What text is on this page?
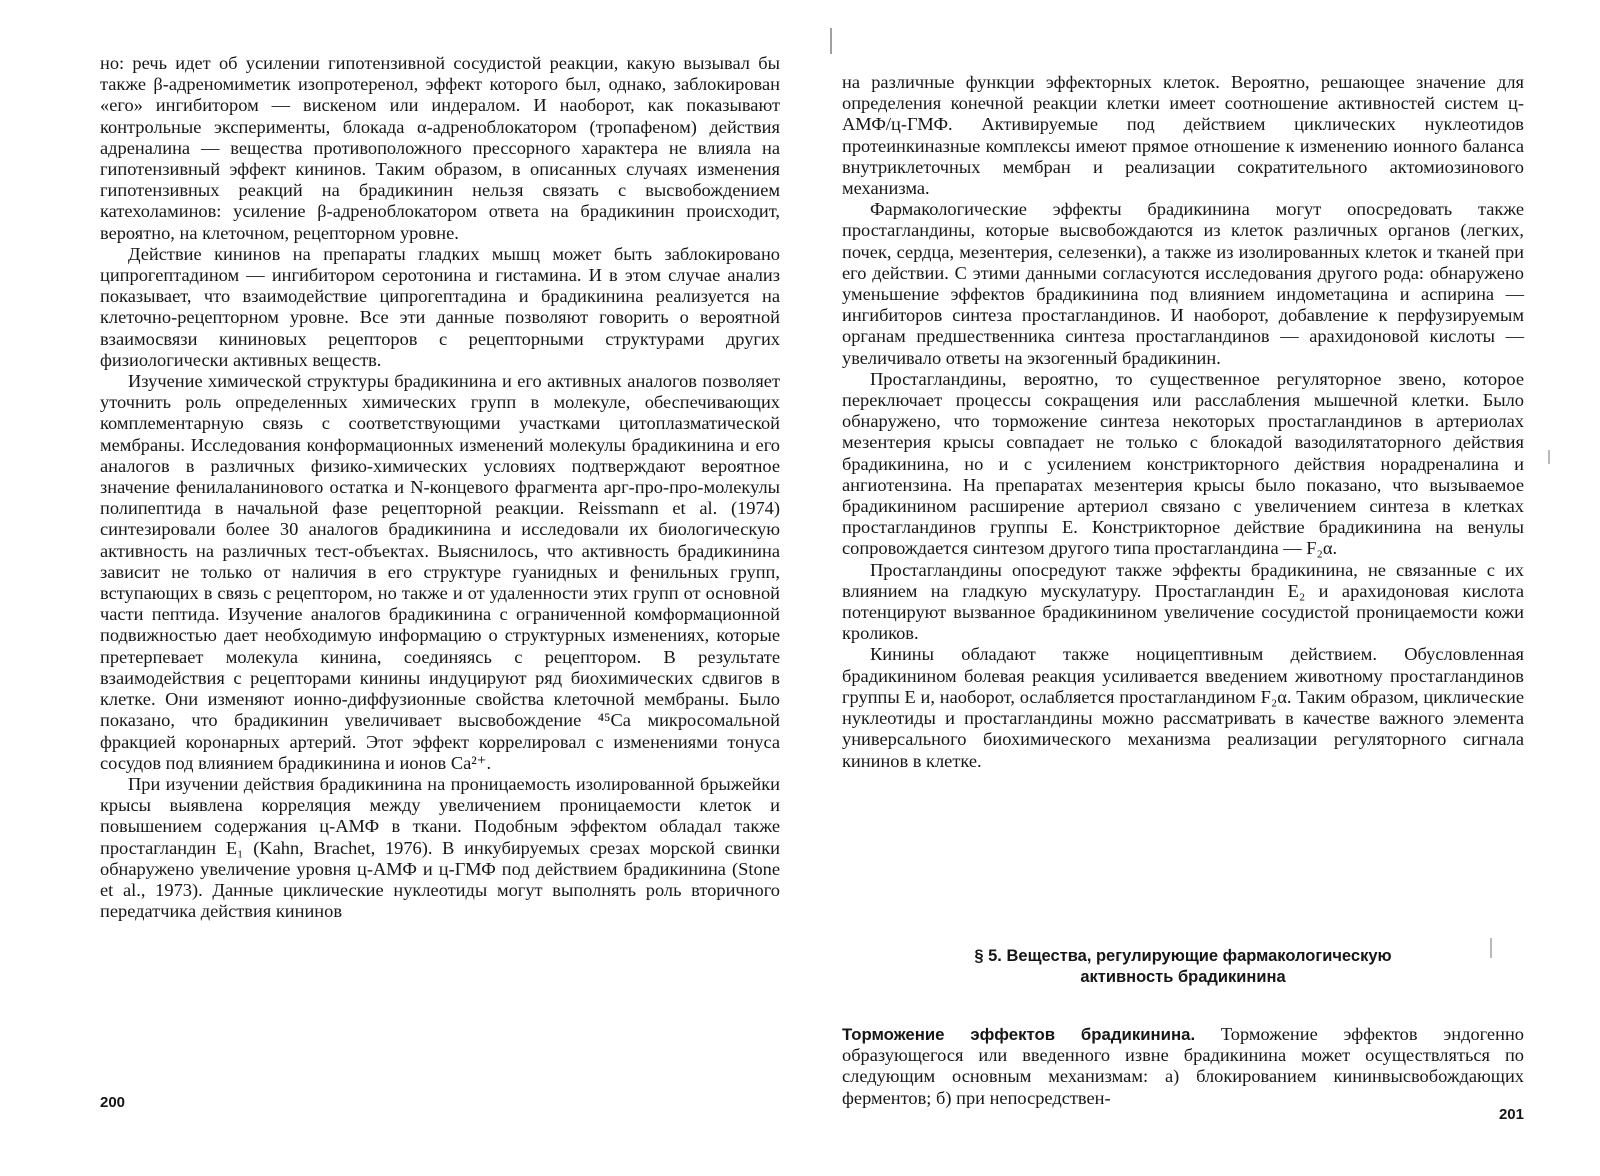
но: речь идет об усилении гипотензивной сосудистой реакции, какую вызывал бы также β-адреномиметик изопротеренол, эффект которого был, однако, заблокирован «его» ингибитором — вискеном или индералом. И наоборот, как показывают контрольные эксперименты, блокада α-адреноблокатором (тропафеном) действия адреналина — вещества противоположного прессорного характера не влияла на гипотензивный эффект кининов. Таким образом, в описанных случаях изменения гипотензивных реакций на брадикинин нельзя связать с высвобождением катехоламинов: усиление β-адреноблокатором ответа на брадикинин происходит, вероятно, на клеточном, рецепторном уровне.

Действие кининов на препараты гладких мышц может быть заблокировано ципрогептадином — ингибитором серотонина и гистамина. И в этом случае анализ показывает, что взаимодействие ципрогептадина и брадикинина реализуется на клеточно-рецепторном уровне. Все эти данные позволяют говорить о вероятной взаимосвязи кининовых рецепторов с рецепторными структурами других физиологически активных веществ.

Изучение химической структуры брадикинина и его активных аналогов позволяет уточнить роль определенных химических групп в молекуле, обеспечивающих комплементарную связь с соответствующими участками цитоплазматической мембраны. Исследования конформационных изменений молекулы брадикинина и его аналогов в различных физико-химических условиях подтверждают вероятное значение фенилаланинового остатка и N-концевого фрагмента арг-про-про-молекулы полипептида в начальной фазе рецепторной реакции. Reissmann et al. (1974) синтезировали более 30 аналогов брадикинина и исследовали их биологическую активность на различных тест-объектах. Выяснилось, что активность брадикинина зависит не только от наличия в его структуре гуанидных и фенильных групп, вступающих в связь с рецептором, но также и от удаленности этих групп от основной части пептида. Изучение аналогов брадикинина с ограниченной комформационной подвижностью дает необходимую информацию о структурных изменениях, которые претерпевает молекула кинина, соединяясь с рецептором. В результате взаимодействия с рецепторами кинины индуцируют ряд биохимических сдвигов в клетке. Они изменяют ионно-диффузионные свойства клеточной мембраны. Было показано, что брадикинин увеличивает высвобождение ⁴⁵Са микросомальной фракцией коронарных артерий. Этот эффект коррелировал с изменениями тонуса сосудов под влиянием брадикинина и ионов Са²⁺.

При изучении действия брадикинина на проницаемость изолированной брыжейки крысы выявлена корреляция между увеличением проницаемости клеток и повышением содержания ц-АМФ в ткани. Подобным эффектом обладал также простагландин E₁ (Kahn, Brachet, 1976). В инкубируемых срезах морской свинки обнаружено увеличение уровня ц-АМФ и ц-ГМФ под действием брадикинина (Stone et al., 1973). Данные циклические нуклеотиды могут выполнять роль вторичного передатчика действия кининов

200

на различные функции эффекторных клеток. Вероятно, решающее значение для определения конечной реакции клетки имеет соотношение активностей систем ц-АМФ/ц-ГМФ. Активируемые под действием циклических нуклеотидов протеинкиназные комплексы имеют прямое отношение к изменению ионного баланса внутриклеточных мембран и реализации сократительного актомиозинового механизма.

Фармакологические эффекты брадикинина могут опосредовать также простагландины, которые высвобождаются из клеток различных органов (легких, почек, сердца, мезентерия, селезенки), а также из изолированных клеток и тканей при его действии. С этими данными согласуются исследования другого рода: обнаружено уменьшение эффектов брадикинина под влиянием индометацина и аспирина — ингибиторов синтеза простагландинов. И наоборот, добавление к перфузируемым органам предшественника синтеза простагландинов — арахидоновой кислоты — увеличивало ответы на экзогенный брадикинин.

Простагландины, вероятно, то существенное регуляторное звено, которое переключает процессы сокращения или расслабления мышечной клетки. Было обнаружено, что торможение синтеза некоторых простагландинов в артериолах мезентерия крысы совпадает не только с блокадой вазодилятаторного действия брадикинина, но и с усилением констрикторного действия норадреналина и ангиотензина. На препаратах мезентерия крысы было показано, что вызываемое брадикинином расширение артериол связано с увеличением синтеза в клетках простагландинов группы E. Констрикторное действие брадикинина на венулы сопровождается синтезом другого типа простагландина — F₂α.

Простагландины опосредуют также эффекты брадикинина, не связанные с их влиянием на гладкую мускулатуру. Простагландин E₂ и арахидоновая кислота потенцируют вызванное брадикинином увеличение сосудистой проницаемости кожи кроликов.

Кинины обладают также ноцицептивным действием. Обусловленная брадикинином болевая реакция усиливается введением животному простагландинов группы E и, наоборот, ослабляется простагландином F₂α. Таким образом, циклические нуклеотиды и простагландины можно рассматривать в качестве важного элемента универсального биохимического механизма реализации регуляторного сигнала кининов в клетке.

§ 5. Вещества, регулирующие фармакологическую
активность брадикинина
Торможение эффектов брадикинина. Торможение эффектов эндогенно образующегося или введенного извне брадикинина может осуществляться по следующим основным механизмам: а) блокированием кининвысвобождающих ферментов; б) при непосредствен-
201
